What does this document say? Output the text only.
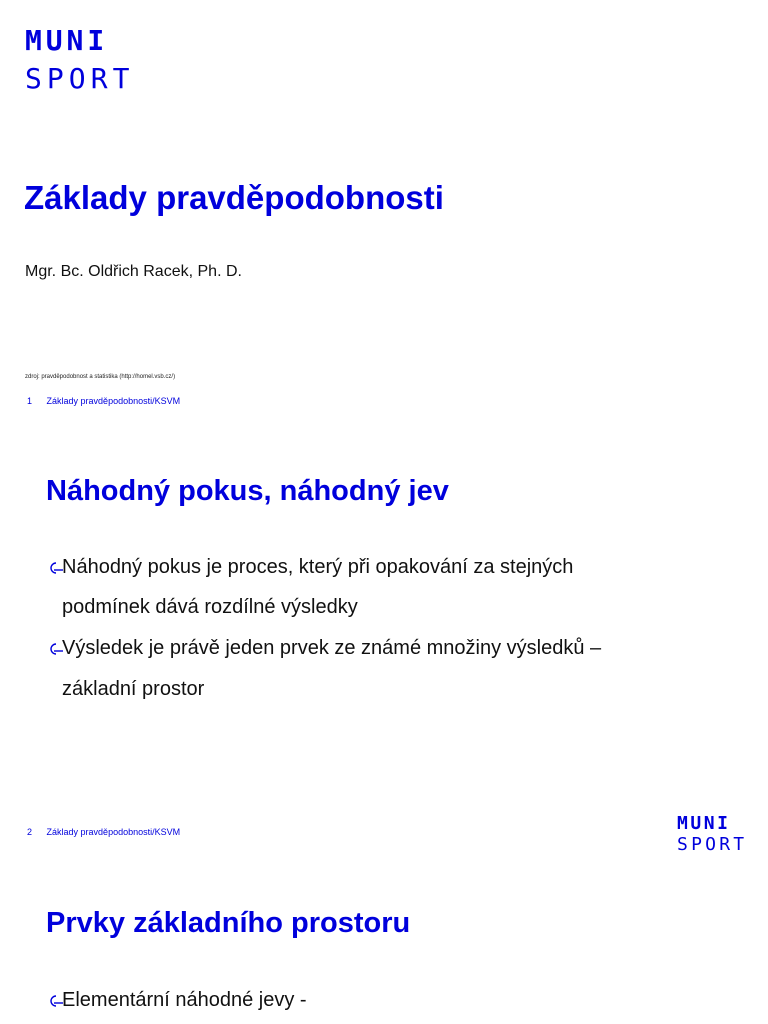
MUNI
SPORT
Základy pravděpodobnosti
Mgr. Bc. Oldřich Racek, Ph. D.
zdroj: pravděpodobnost a statistika (http://homel.vsb.cz/)
1 Základy pravděpodobnosti/KSVM
Náhodný pokus, náhodný jev
Náhodný pokus je proces, který při opakování za stejných
podmínek dává rozdílné výsledky
Výsledek je právě jeden prvek ze známé množiny výsledků –
základní prostor
2 Základy pravděpodobnosti/KSVM	MUNI
SPORT
Prvky základního prostoru
Elementární náhodné jevy -
